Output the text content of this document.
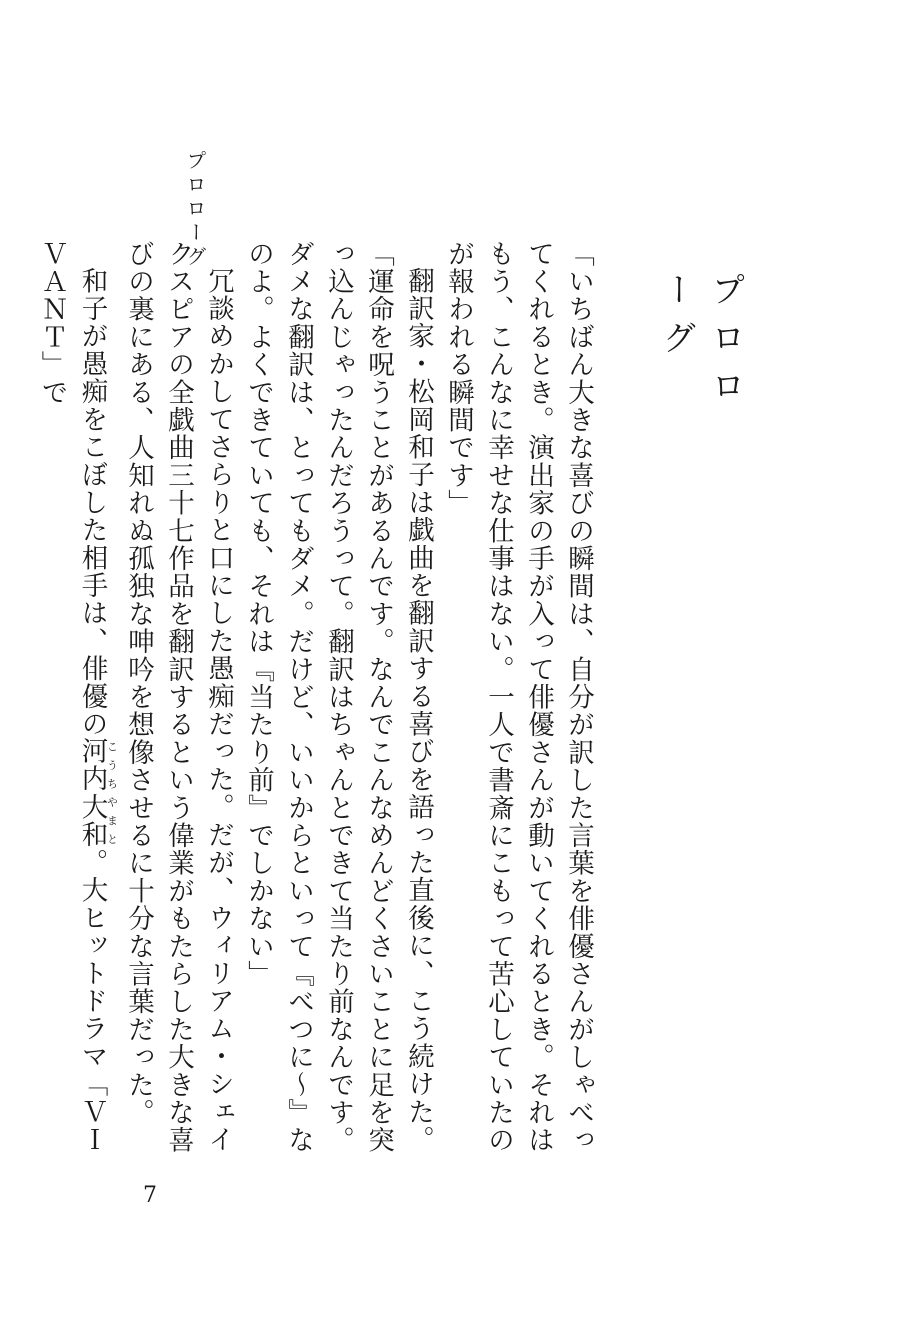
プロローグ
プロローグ

「いちばん大きな喜びの瞬間は、自分が訳した言葉を俳優さんがしゃべってくれるとき。演出家の手が入って俳優さんが動いてくれるとき。それはもう、こんなに幸せな仕事はない。一人で書斎にこもって苦心していたのが報われる瞬間です」

翻訳家・松岡和子は戯曲を翻訳する喜びを語った直後に、こう続けた。

「運命を呪うことがあるんです。なんでこんなめんどくさいことに足を突っ込んじゃったんだろうって。翻訳はちゃんとできて当たり前なんです。ダメな翻訳は、とってもダメ。だけど、いいからといって『べつに〜』なのよ。よくできていても、それは『当たり前』でしかない」

冗談めかしてさらりと口にした愚痴だった。だが、ウィリアム・シェイクスピアの全戯曲三十七作品を翻訳するという偉業がもたらした大きな喜びの裏にある、人知れぬ孤独な呻吟を想像させるに十分な言葉だった。

和子が愚痴をこぼした相手は、俳優の河内こうち大和やまと。大ヒットドラマ「ＶＩＶＡＮＴ」で

7
